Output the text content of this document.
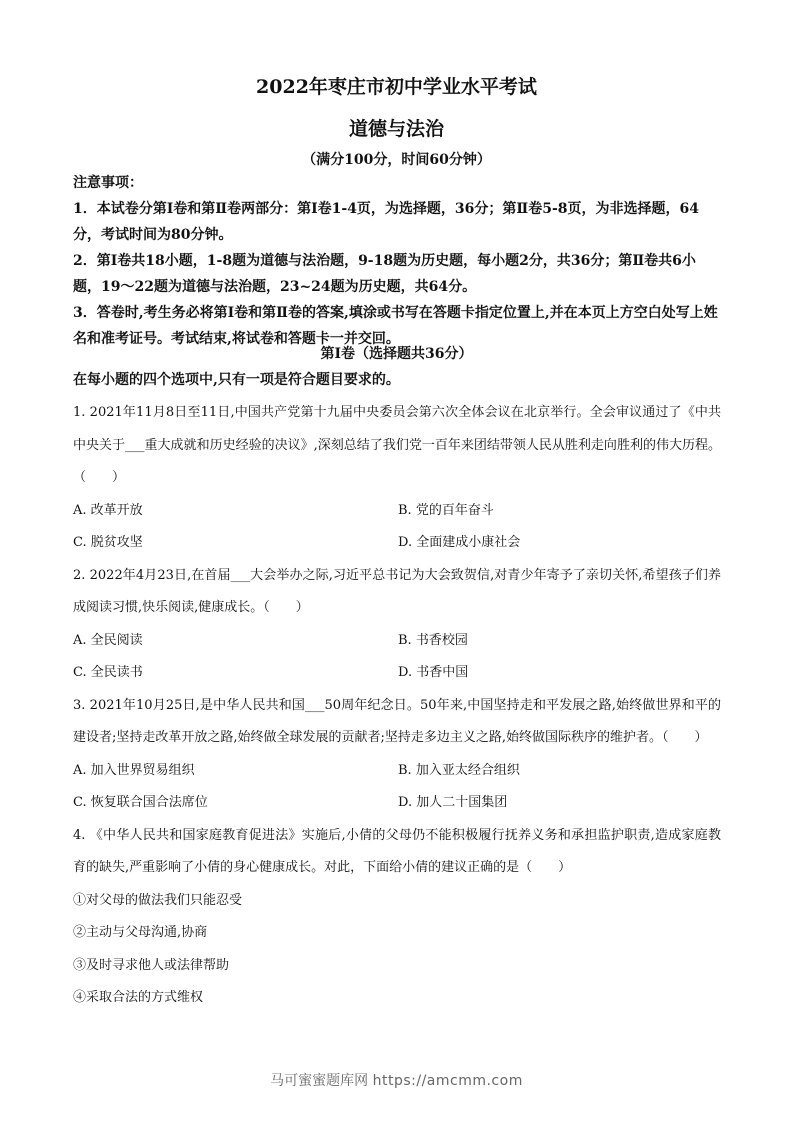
2022年枣庄市初中学业水平考试
道德与法治
（满分100分，时间60分钟）
注意事项：

1．本试卷分第Ⅰ卷和第Ⅱ卷两部分：第Ⅰ卷1-4页，为选择题，36分；第Ⅱ卷5-8页，为非选择题，64分，考试时间为80分钟。

2．第Ⅰ卷共18小题，1-8题为道德与法治题，9-18题为历史题，每小题2分，共36分；第Ⅱ卷共6小题，19～22题为道德与法治题，23~24题为历史题，共64分。

3．答卷时,考生务必将第Ⅰ卷和第Ⅱ卷的答案,填涂或书写在答题卡指定位置上,并在本页上方空白处写上姓名和准考证号。考试结束,将试卷和答题卡一并交回。

第Ⅰ卷（选择题共36分）
在每小题的四个选项中,只有一项是符合题目要求的。

1. 2021年11月8日至11日,中国共产党第十九届中央委员会第六次全体会议在北京举行。全会审议通过了《中共中央关于___重大成就和历史经验的决议》,深刻总结了我们党一百年来团结带领人民从胜利走向胜利的伟大历程。（　　）

A. 改革开放	B. 党的百年奋斗
C. 脱贫攻坚	D. 全面建成小康社会

2. 2022年4月23日,在首届___大会举办之际,习近平总书记为大会致贺信,对青少年寄予了亲切关怀,希望孩子们养成阅读习惯,快乐阅读,健康成长。（　　）

A. 全民阅读	B. 书香校园
C. 全民读书	D. 书香中国

3. 2021年10月25日,是中华人民共和国___50周年纪念日。50年来,中国坚持走和平发展之路,始终做世界和平的建设者;坚持走改革开放之路,始终做全球发展的贡献者;坚持走多边主义之路,始终做国际秩序的维护者。（　　）

A. 加入世界贸易组织	B. 加入亚太经合组织
C. 恢复联合国合法席位	D. 加人二十国集团

4. 《中华人民共和国家庭教育促进法》实施后,小倩的父母仍不能积极履行抚养义务和承担监护职责,造成家庭教育的缺失,严重影响了小倩的身心健康成长。对此，下面给小倩的建议正确的是（　　）

①对父母的做法我们只能忍受
②主动与父母沟通,协商
③及时寻求他人或法律帮助
④采取合法的方式维权
马可蜜蜜题库网 https://amcmm.com
